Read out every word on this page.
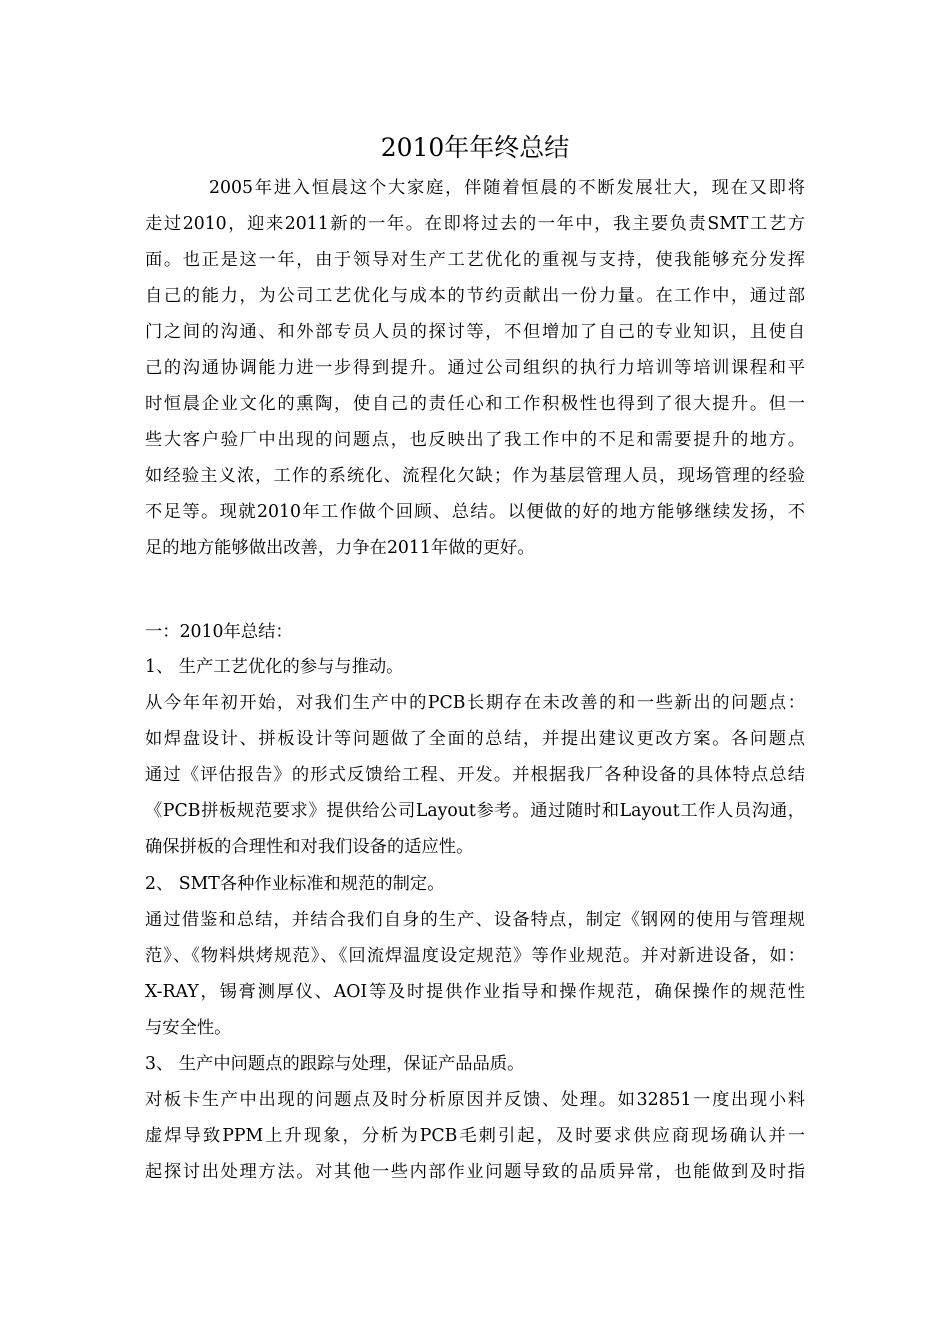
2010年年终总结
2005年进入恒晨这个大家庭，伴随着恒晨的不断发展壮大，现在又即将
走过2010，迎来2011新的一年。在即将过去的一年中，我主要负责SMT工艺方
面。也正是这一年，由于领导对生产工艺优化的重视与支持，使我能够充分发挥
自己的能力，为公司工艺优化与成本的节约贡献出一份力量。在工作中，通过部
门之间的沟通、和外部专员人员的探讨等，不但增加了自己的专业知识，且使自
己的沟通协调能力进一步得到提升。通过公司组织的执行力培训等培训课程和平
时恒晨企业文化的熏陶，使自己的责任心和工作积极性也得到了很大提升。但一
些大客户验厂中出现的问题点，也反映出了我工作中的不足和需要提升的地方。
如经验主义浓，工作的系统化、流程化欠缺；作为基层管理人员，现场管理的经验
不足等。现就2010年工作做个回顾、总结。以便做的好的地方能够继续发扬，不
足的地方能够做出改善，力争在2011年做的更好。
一：2010年总结：
1、 生产工艺优化的参与与推动。
从今年年初开始，对我们生产中的PCB长期存在未改善的和一些新出的问题点：
如焊盘设计、拼板设计等问题做了全面的总结，并提出建议更改方案。各问题点
通过《评估报告》的形式反馈给工程、开发。并根据我厂各种设备的具体特点总结
《PCB拼板规范要求》提供给公司Layout参考。通过随时和Layout工作人员沟通，
确保拼板的合理性和对我们设备的适应性。
2、 SMT各种作业标准和规范的制定。
通过借鉴和总结，并结合我们自身的生产、设备特点，制定《钢网的使用与管理规
范》、《物料烘烤规范》、《回流焊温度设定规范》等作业规范。并对新进设备，如：
X-RAY，锡膏测厚仪、AOI等及时提供作业指导和操作规范，确保操作的规范性
与安全性。
3、 生产中问题点的跟踪与处理，保证产品品质。
对板卡生产中出现的问题点及时分析原因并反馈、处理。如32851一度出现小料
虚焊导致PPM上升现象，分析为PCB毛刺引起，及时要求供应商现场确认并一
起探讨出处理方法。对其他一些内部作业问题导致的品质异常，也能做到及时指
